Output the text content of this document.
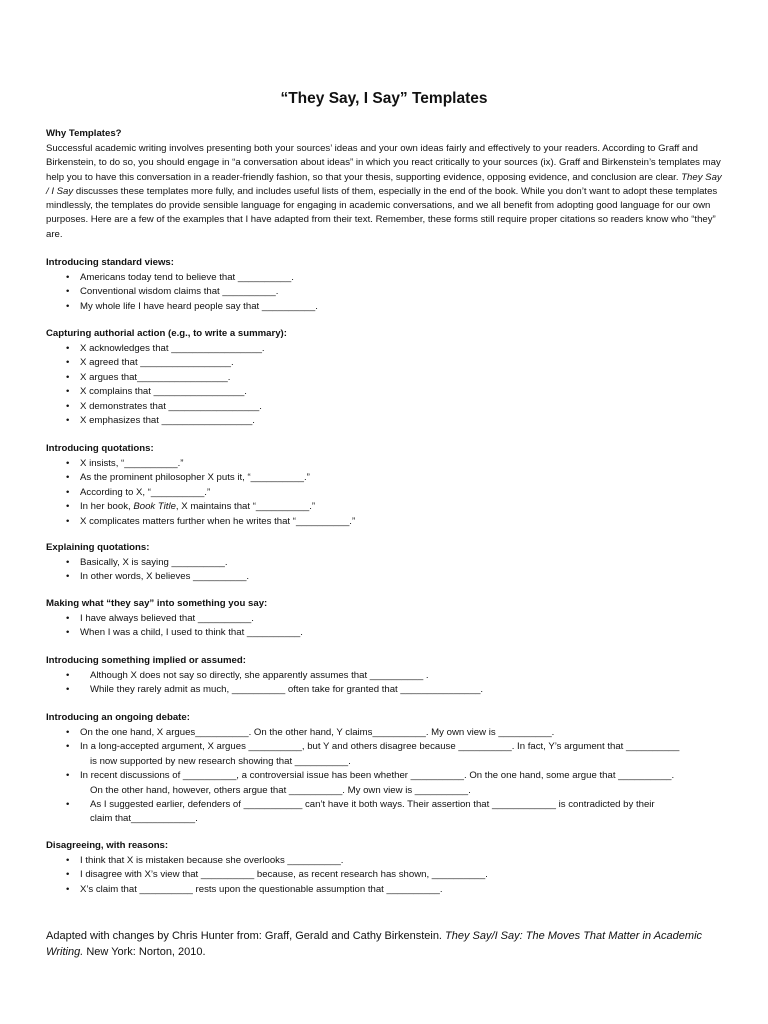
“They Say, I Say” Templates
Why Templates?
Successful academic writing involves presenting both your sources’ ideas and your own ideas fairly and effectively to your readers. According to Graff and Birkenstein, to do so, you should engage in “a conversation about ideas” in which you react critically to your sources (ix). Graff and Birkenstein’s templates may help you to have this conversation in a reader-friendly fashion, so that your thesis, supporting evidence, opposing evidence, and conclusion are clear. They Say / I Say discusses these templates more fully, and includes useful lists of them, especially in the end of the book. While you don’t want to adopt these templates mindlessly, the templates do provide sensible language for engaging in academic conversations, and we all benefit from adopting good language for our own purposes. Here are a few of the examples that I have adapted from their text. Remember, these forms still require proper citations so readers know who “they” are.
Introducing standard views:
• Americans today tend to believe that __________.
• Conventional wisdom claims that __________.
• My whole life I have heard people say that __________.
Capturing authorial action (e.g., to write a summary):
• X acknowledges that _________________.
• X agreed that _________________.
• X argues that_________________.
• X complains that _________________.
• X demonstrates that _________________.
• X emphasizes that _________________.
Introducing quotations:
• X insists, “__________.”
• As the prominent philosopher X puts it, “__________.”
• According to X, “__________.”
• In her book, Book Title, X maintains that “__________.”
• X complicates matters further when he writes that “__________.”
Explaining quotations:
• Basically, X is saying __________.
• In other words, X believes __________.
Making what “they say” into something you say:
• I have always believed that __________.
• When I was a child, I used to think that __________.
Introducing something implied or assumed:
• Although X does not say so directly, she apparently assumes that __________ .
• While they rarely admit as much, __________ often take for granted that _______________.
Introducing an ongoing debate:
• On the one hand, X argues__________. On the other hand, Y claims__________. My own view is __________.
• In a long-accepted argument, X argues __________, but Y and others disagree because __________. In fact, Y’s argument that __________
is now supported by new research showing that __________.
• In recent discussions of __________, a controversial issue has been whether __________. On the one hand, some argue that __________.
On the other hand, however, others argue that __________. My own view is __________.
• As I suggested earlier, defenders of ___________ can’t have it both ways. Their assertion that ____________ is contradicted by their
claim that____________.
Disagreeing, with reasons:
• I think that X is mistaken because she overlooks __________.
• I disagree with X’s view that __________ because, as recent research has shown, __________.
• X’s claim that __________ rests upon the questionable assumption that __________.
Adapted with changes by Chris Hunter from: Graff, Gerald and Cathy Birkenstein. They Say/I Say: The Moves That Matter in Academic Writing. New York: Norton, 2010.
